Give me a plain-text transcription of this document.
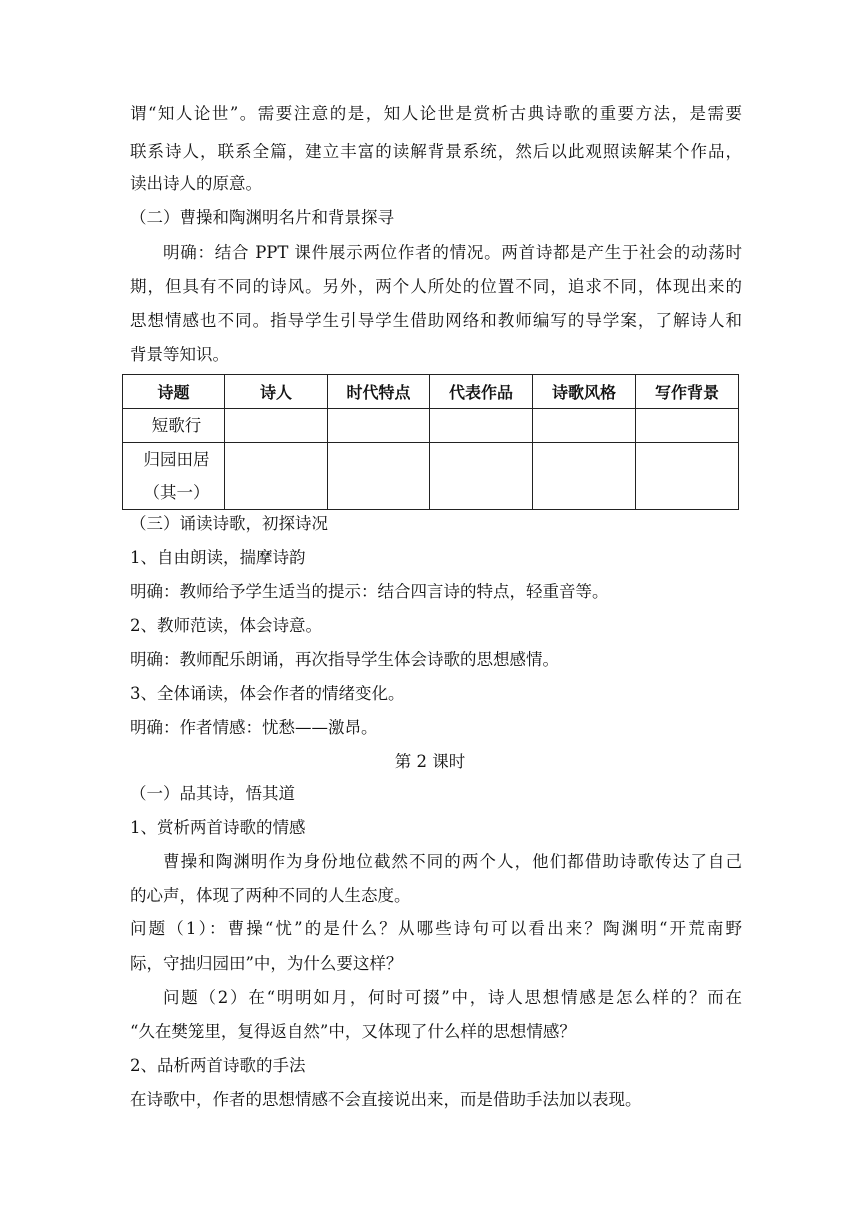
谓“知人论世”。需要注意的是，知人论世是赏析古典诗歌的重要方法，是需要
联系诗人，联系全篇，建立丰富的读解背景系统，然后以此观照读解某个作品，
读出诗人的原意。
（二）曹操和陶渊明名片和背景探寻
明确：结合 PPT 课件展示两位作者的情况。两首诗都是产生于社会的动荡时
期，但具有不同的诗风。另外，两个人所处的位置不同，追求不同，体现出来的
思想情感也不同。指导学生引导学生借助网络和教师编写的导学案，了解诗人和
背景等知识。
诗题	诗人	时代特点	代表作品	诗歌风格	写作背景
短歌行					

归园田居
（其一）					

（三）诵读诗歌，初探诗况
1、自由朗读，揣摩诗韵
明确：教师给予学生适当的提示：结合四言诗的特点，轻重音等。
2、教师范读，体会诗意。
明确：教师配乐朗诵，再次指导学生体会诗歌的思想感情。
3、全体诵读，体会作者的情绪变化。
明确：作者情感：忧愁——激昂。
第 2 课时
（一）品其诗，悟其道
1、赏析两首诗歌的情感
曹操和陶渊明作为身份地位截然不同的两个人，他们都借助诗歌传达了自己
的心声，体现了两种不同的人生态度。
问题（1）：曹操“忧”的是什么？从哪些诗句可以看出来？陶渊明“开荒南野
际，守拙归园田”中，为什么要这样？
问题（2）在“明明如月，何时可掇”中，诗人思想情感是怎么样的？而在
“久在樊笼里，复得返自然”中，又体现了什么样的思想情感？
2、品析两首诗歌的手法
在诗歌中，作者的思想情感不会直接说出来，而是借助手法加以表现。
